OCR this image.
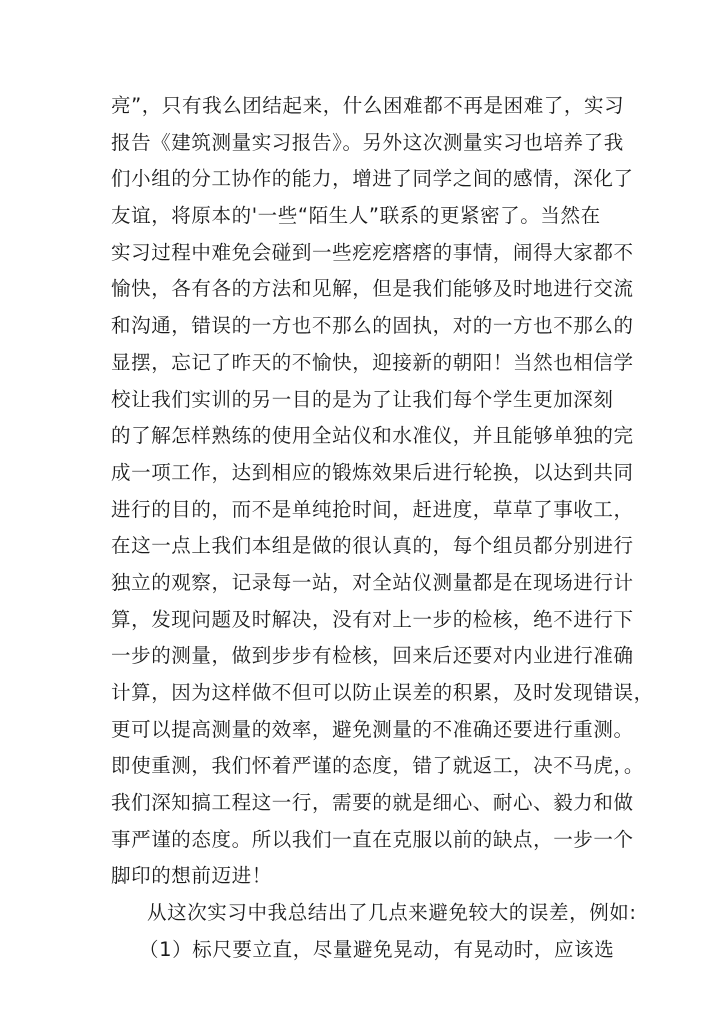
亮”，只有我么团结起来，什么困难都不再是困难了，实习
报告《建筑测量实习报告》。另外这次测量实习也培养了我
们小组的分工协作的能力，增进了同学之间的感情，深化了
友谊，将原本的'一些“陌生人”联系的更紧密了。当然在
实习过程中难免会碰到一些疙疙瘩瘩的事情，闹得大家都不
愉快，各有各的方法和见解，但是我们能够及时地进行交流
和沟通，错误的一方也不那么的固执，对的一方也不那么的
显摆，忘记了昨天的不愉快，迎接新的朝阳！当然也相信学
校让我们实训的另一目的是为了让我们每个学生更加深刻
的了解怎样熟练的使用全站仪和水准仪，并且能够单独的完
成一项工作，达到相应的锻炼效果后进行轮换，以达到共同
进行的目的，而不是单纯抢时间，赶进度，草草了事收工，
在这一点上我们本组是做的很认真的，每个组员都分别进行
独立的观察，记录每一站，对全站仪测量都是在现场进行计
算，发现问题及时解决，没有对上一步的检核，绝不进行下
一步的测量，做到步步有检核，回来后还要对内业进行准确
计算，因为这样做不但可以防止误差的积累，及时发现错误，
更可以提高测量的效率，避免测量的不准确还要进行重测。
即使重测，我们怀着严谨的态度，错了就返工，决不马虎，。
我们深知搞工程这一行，需要的就是细心、耐心、毅力和做
事严谨的态度。所以我们一直在克服以前的缺点，一步一个
脚印的想前迈进！
从这次实习中我总结出了几点来避免较大的误差，例如:
（1）标尺要立直，尽量避免晃动，有晃动时，应该选
